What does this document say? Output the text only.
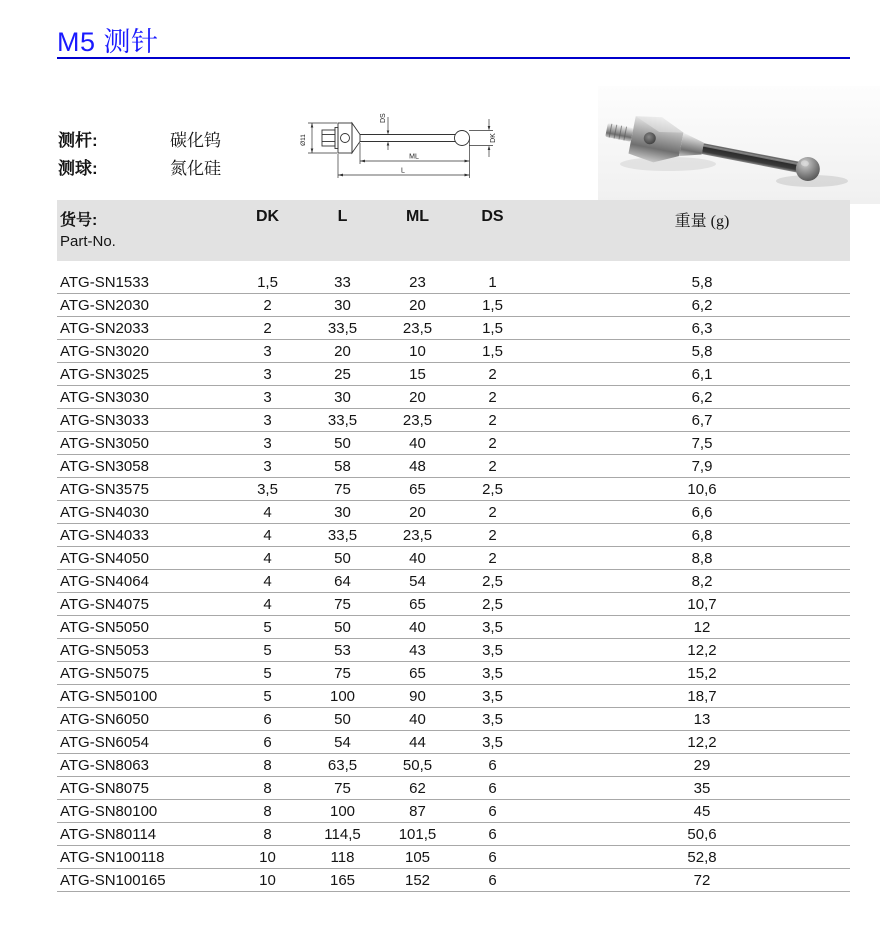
M5 测针
测杆:	碳化钨
测球:	氮化硅
Ø11
DS
DK
ML
L
货号:
Part-No.	DK	L	ML	DS	重量 (g)

ATG-SN1533	1,5	33	23	1	5,8
ATG-SN2030	2	30	20	1,5	6,2
ATG-SN2033	2	33,5	23,5	1,5	6,3
ATG-SN3020	3	20	10	1,5	5,8
ATG-SN3025	3	25	15	2	6,1
ATG-SN3030	3	30	20	2	6,2
ATG-SN3033	3	33,5	23,5	2	6,7
ATG-SN3050	3	50	40	2	7,5
ATG-SN3058	3	58	48	2	7,9
ATG-SN3575	3,5	75	65	2,5	10,6
ATG-SN4030	4	30	20	2	6,6
ATG-SN4033	4	33,5	23,5	2	6,8
ATG-SN4050	4	50	40	2	8,8
ATG-SN4064	4	64	54	2,5	8,2
ATG-SN4075	4	75	65	2,5	10,7
ATG-SN5050	5	50	40	3,5	12
ATG-SN5053	5	53	43	3,5	12,2
ATG-SN5075	5	75	65	3,5	15,2
ATG-SN50100	5	100	90	3,5	18,7
ATG-SN6050	6	50	40	3,5	13
ATG-SN6054	6	54	44	3,5	12,2
ATG-SN8063	8	63,5	50,5	6	29
ATG-SN8075	8	75	62	6	35
ATG-SN80100	8	100	87	6	45
ATG-SN80114	8	114,5	101,5	6	50,6
ATG-SN100118	10	118	105	6	52,8
ATG-SN100165	10	165	152	6	72
